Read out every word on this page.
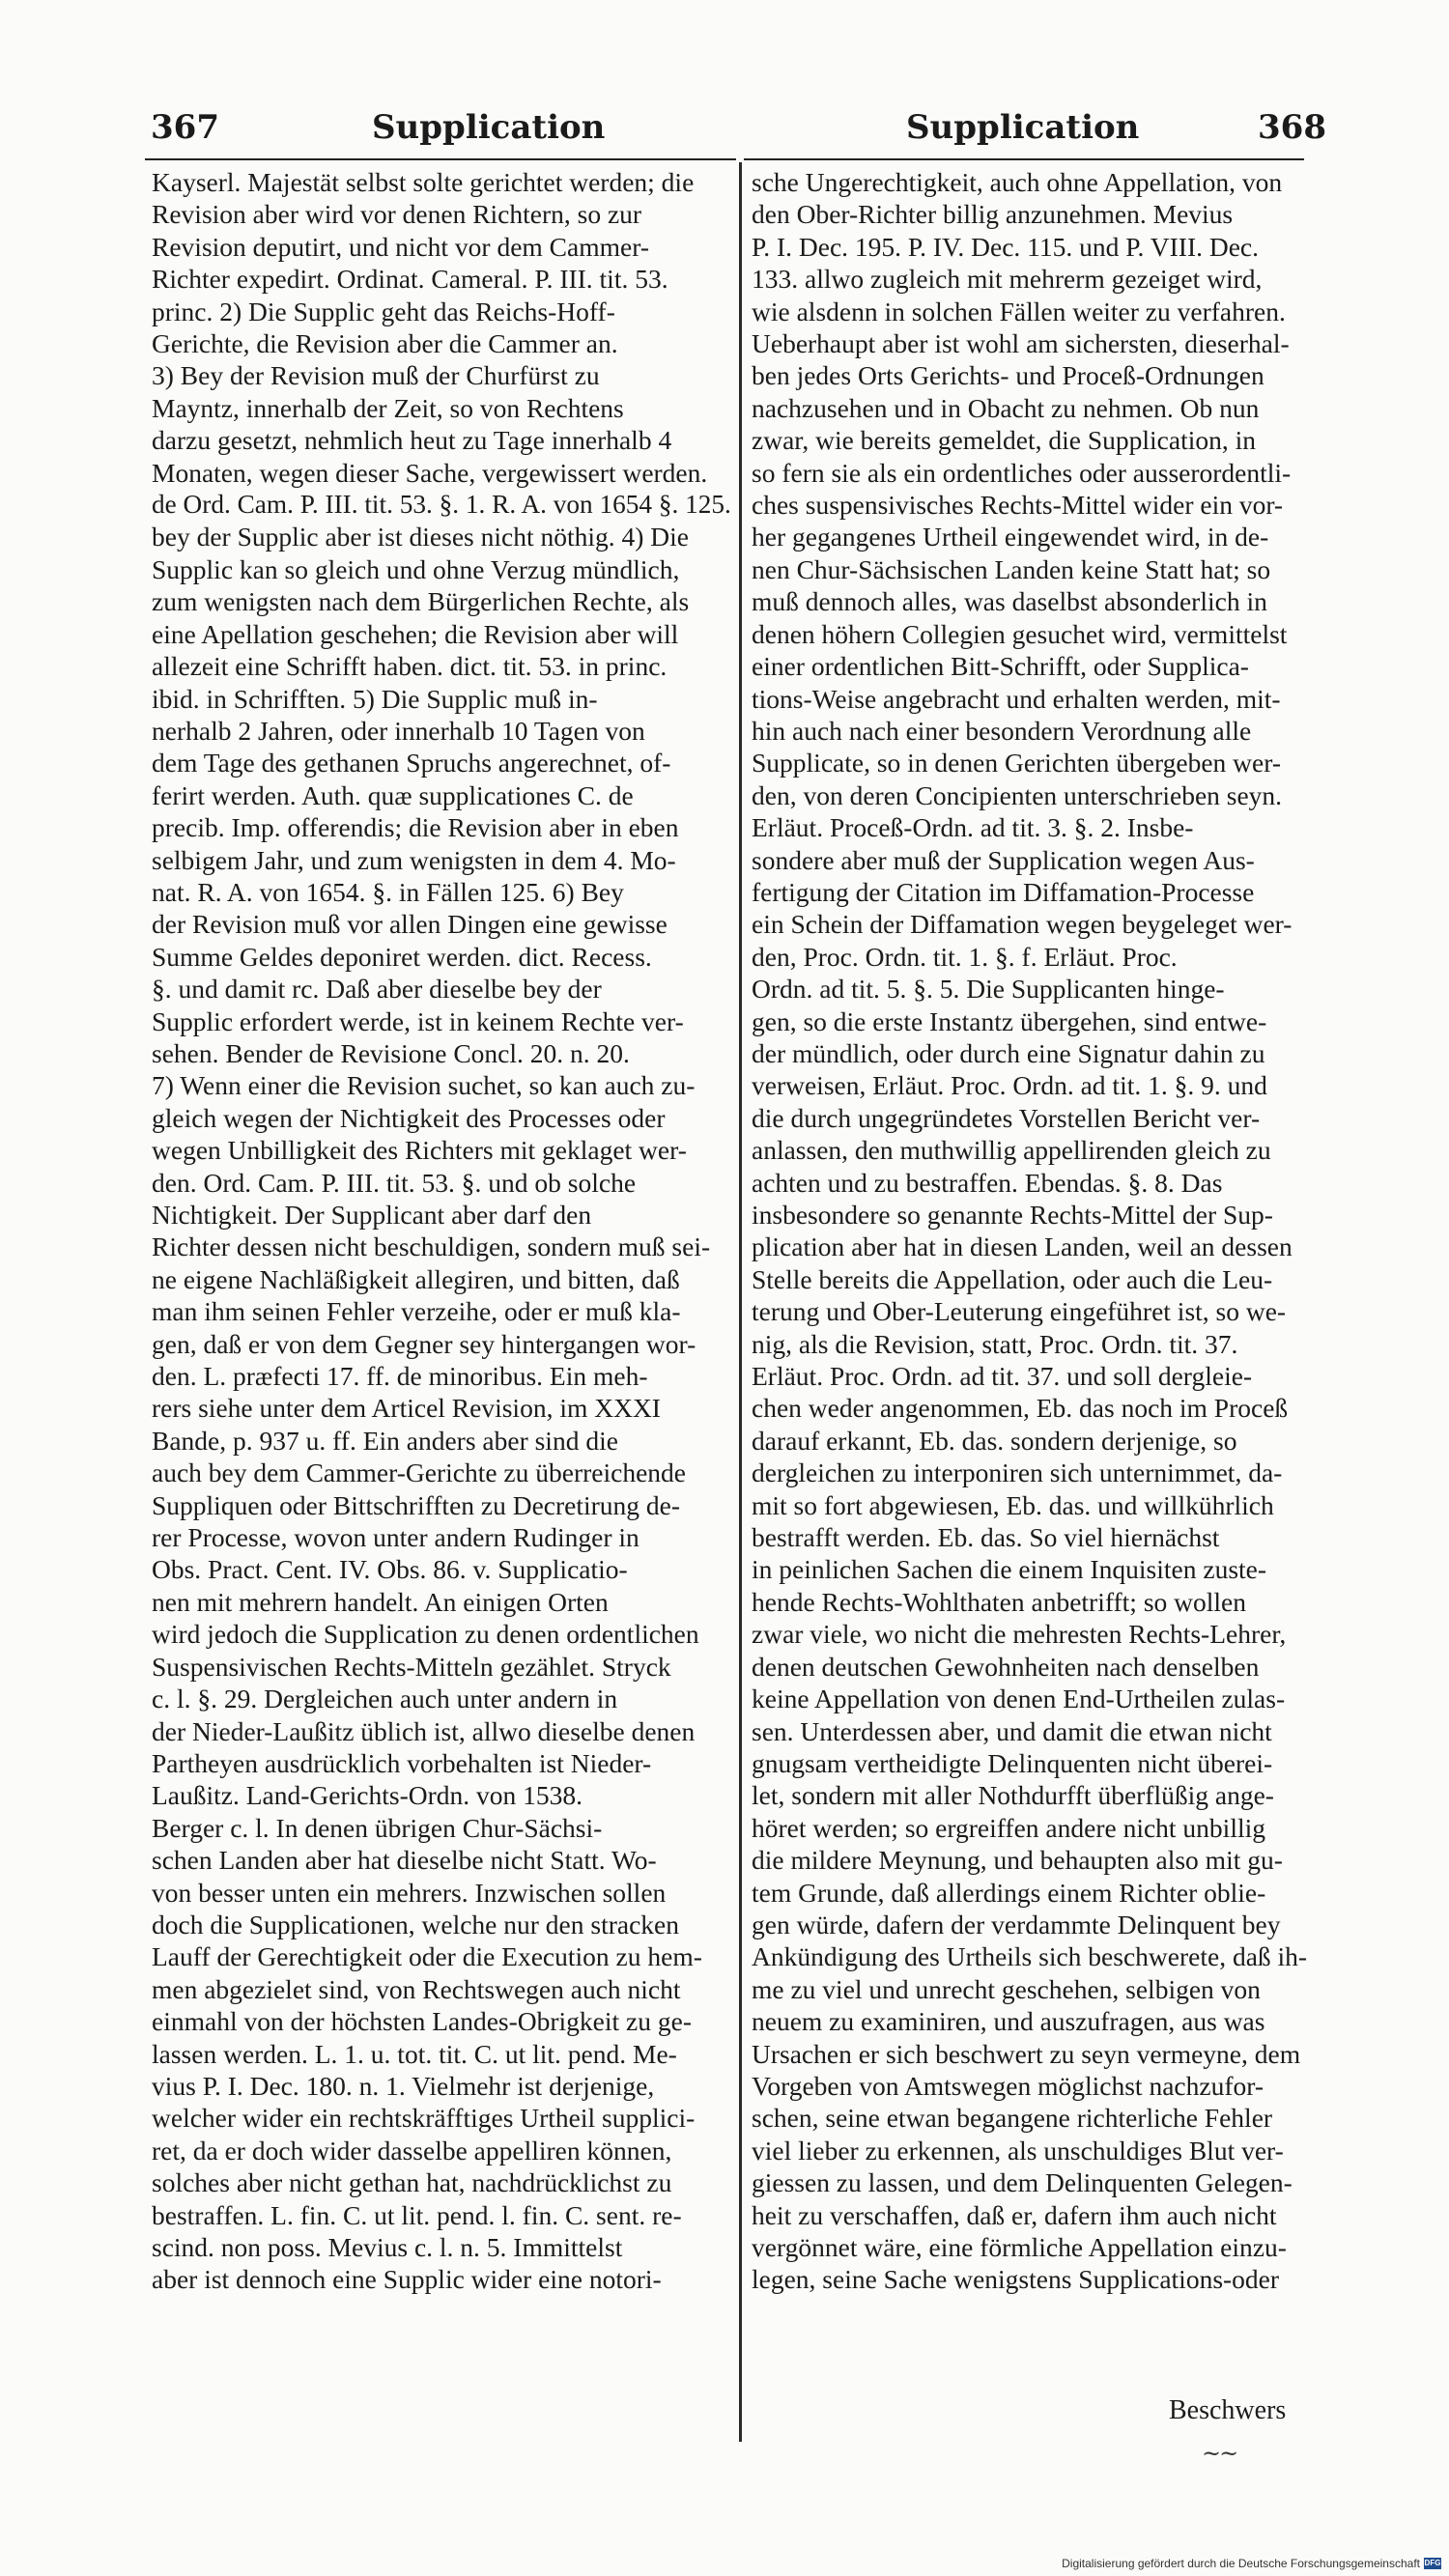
367	Supplication	Supplication	368
Kayserl. Majestät selbst solte gerichtet werden; die
Revision aber wird vor denen Richtern, so zur
Revision deputirt, und nicht vor dem Cammer-
Richter expedirt. Ordinat. Cameral. P. III. tit. 53.
princ. 2) Die Supplic geht das Reichs-Hoff-
Gerichte, die Revision aber die Cammer an.
3) Bey der Revision muß der Churfürst zu
Mayntz, innerhalb der Zeit, so von Rechtens
darzu gesetzt, nehmlich heut zu Tage innerhalb 4
Monaten, wegen dieser Sache, vergewissert werden.
de Ord. Cam. P. III. tit. 53. §. 1. R. A. von 1654 §. 125.
bey der Supplic aber ist dieses nicht nöthig. 4) Die
Supplic kan so gleich und ohne Verzug mündlich,
zum wenigsten nach dem Bürgerlichen Rechte, als
eine Apellation geschehen; die Revision aber will
allezeit eine Schrifft haben. dict. tit. 53. in princ.
ibid. in Schrifften. 5) Die Supplic muß in-
nerhalb 2 Jahren, oder innerhalb 10 Tagen von
dem Tage des gethanen Spruchs angerechnet, of-
ferirt werden. Auth. quæ supplicationes C. de
precib. Imp. offerendis; die Revision aber in eben
selbigem Jahr, und zum wenigsten in dem 4. Mo-
nat. R. A. von 1654. §. in Fällen 125. 6) Bey
der Revision muß vor allen Dingen eine gewisse
Summe Geldes deponiret werden. dict. Recess.
§. und damit rc. Daß aber dieselbe bey der
Supplic erfordert werde, ist in keinem Rechte ver-
sehen. Bender de Revisione Concl. 20. n. 20.
7) Wenn einer die Revision suchet, so kan auch zu-
gleich wegen der Nichtigkeit des Processes oder
wegen Unbilligkeit des Richters mit geklaget wer-
den. Ord. Cam. P. III. tit. 53. §. und ob solche
Nichtigkeit. Der Supplicant aber darf den
Richter dessen nicht beschuldigen, sondern muß sei-
ne eigene Nachläßigkeit allegiren, und bitten, daß
man ihm seinen Fehler verzeihe, oder er muß kla-
gen, daß er von dem Gegner sey hintergangen wor-
den. L. præfecti 17. ff. de minoribus. Ein meh-
rers siehe unter dem Articel Revision, im XXXI
Bande, p. 937 u. ff. Ein anders aber sind die
auch bey dem Cammer-Gerichte zu überreichende
Suppliquen oder Bittschrifften zu Decretirung de-
rer Processe, wovon unter andern Rudinger in
Obs. Pract. Cent. IV. Obs. 86. v. Supplicatio-
nen mit mehrern handelt. An einigen Orten
wird jedoch die Supplication zu denen ordentlichen
Suspensivischen Rechts-Mitteln gezählet. Stryck
c. l. §. 29. Dergleichen auch unter andern in
der Nieder-Laußitz üblich ist, allwo dieselbe denen
Partheyen ausdrücklich vorbehalten ist Nieder-
Laußitz. Land-Gerichts-Ordn. von 1538.
Berger c. l. In denen übrigen Chur-Sächsi-
schen Landen aber hat dieselbe nicht Statt. Wo-
von besser unten ein mehrers. Inzwischen sollen
doch die Supplicationen, welche nur den stracken
Lauff der Gerechtigkeit oder die Execution zu hem-
men abgezielet sind, von Rechtswegen auch nicht
einmahl von der höchsten Landes-Obrigkeit zu ge-
lassen werden. L. 1. u. tot. tit. C. ut lit. pend. Me-
vius P. I. Dec. 180. n. 1. Vielmehr ist derjenige,
welcher wider ein rechtskräfftiges Urtheil supplici-
ret, da er doch wider dasselbe appelliren können,
solches aber nicht gethan hat, nachdrücklichst zu
bestraffen. L. fin. C. ut lit. pend. l. fin. C. sent. re-
scind. non poss. Mevius c. l. n. 5. Immittelst
aber ist dennoch eine Supplic wider eine notori-
sche Ungerechtigkeit, auch ohne Appellation, von
den Ober-Richter billig anzunehmen. Mevius
P. I. Dec. 195. P. IV. Dec. 115. und P. VIII. Dec.
133. allwo zugleich mit mehrerm gezeiget wird,
wie alsdenn in solchen Fällen weiter zu verfahren.
Ueberhaupt aber ist wohl am sichersten, dieserhal-
ben jedes Orts Gerichts- und Proceß-Ordnungen
nachzusehen und in Obacht zu nehmen. Ob nun
zwar, wie bereits gemeldet, die Supplication, in
so fern sie als ein ordentliches oder ausserordentli-
ches suspensivisches Rechts-Mittel wider ein vor-
her gegangenes Urtheil eingewendet wird, in de-
nen Chur-Sächsischen Landen keine Statt hat; so
muß dennoch alles, was daselbst absonderlich in
denen höhern Collegien gesuchet wird, vermittelst
einer ordentlichen Bitt-Schrifft, oder Supplica-
tions-Weise angebracht und erhalten werden, mit-
hin auch nach einer besondern Verordnung alle
Supplicate, so in denen Gerichten übergeben wer-
den, von deren Concipienten unterschrieben seyn.
Erläut. Proceß-Ordn. ad tit. 3. §. 2. Insbe-
sondere aber muß der Supplication wegen Aus-
fertigung der Citation im Diffamation-Processe
ein Schein der Diffamation wegen beygeleget wer-
den, Proc. Ordn. tit. 1. §. f. Erläut. Proc.
Ordn. ad tit. 5. §. 5. Die Supplicanten hinge-
gen, so die erste Instantz übergehen, sind entwe-
der mündlich, oder durch eine Signatur dahin zu
verweisen, Erläut. Proc. Ordn. ad tit. 1. §. 9. und
die durch ungegründetes Vorstellen Bericht ver-
anlassen, den muthwillig appellirenden gleich zu
achten und zu bestraffen. Ebendas. §. 8. Das
insbesondere so genannte Rechts-Mittel der Sup-
plication aber hat in diesen Landen, weil an dessen
Stelle bereits die Appellation, oder auch die Leu-
terung und Ober-Leuterung eingeführet ist, so we-
nig, als die Revision, statt, Proc. Ordn. tit. 37.
Erläut. Proc. Ordn. ad tit. 37. und soll dergleie-
chen weder angenommen, Eb. das noch im Proceß
darauf erkannt, Eb. das. sondern derjenige, so
dergleichen zu interponiren sich unternimmet, da-
mit so fort abgewiesen, Eb. das. und willkührlich
bestrafft werden. Eb. das. So viel hiernächst
in peinlichen Sachen die einem Inquisiten zuste-
hende Rechts-Wohlthaten anbetrifft; so wollen
zwar viele, wo nicht die mehresten Rechts-Lehrer,
denen deutschen Gewohnheiten nach denselben
keine Appellation von denen End-Urtheilen zulas-
sen. Unterdessen aber, und damit die etwan nicht
gnugsam vertheidigte Delinquenten nicht überei-
let, sondern mit aller Nothdurfft überflüßig ange-
höret werden; so ergreiffen andere nicht unbillig
die mildere Meynung, und behaupten also mit gu-
tem Grunde, daß allerdings einem Richter oblie-
gen würde, dafern der verdammte Delinquent bey
Ankündigung des Urtheils sich beschwerete, daß ih-
me zu viel und unrecht geschehen, selbigen von
neuem zu examiniren, und auszufragen, aus was
Ursachen er sich beschwert zu seyn vermeyne, dem
Vorgeben von Amtswegen möglichst nachzufor-
schen, seine etwan begangene richterliche Fehler
viel lieber zu erkennen, als unschuldiges Blut ver-
giessen zu lassen, und dem Delinquenten Gelegen-
heit zu verschaffen, daß er, dafern ihm auch nicht
vergönnet wäre, eine förmliche Appellation einzu-
legen, seine Sache wenigstens Supplications-oder
Beschwers
~~
Digitalisierung gefördert durch die Deutsche Forschungsgemeinschaft DFG
